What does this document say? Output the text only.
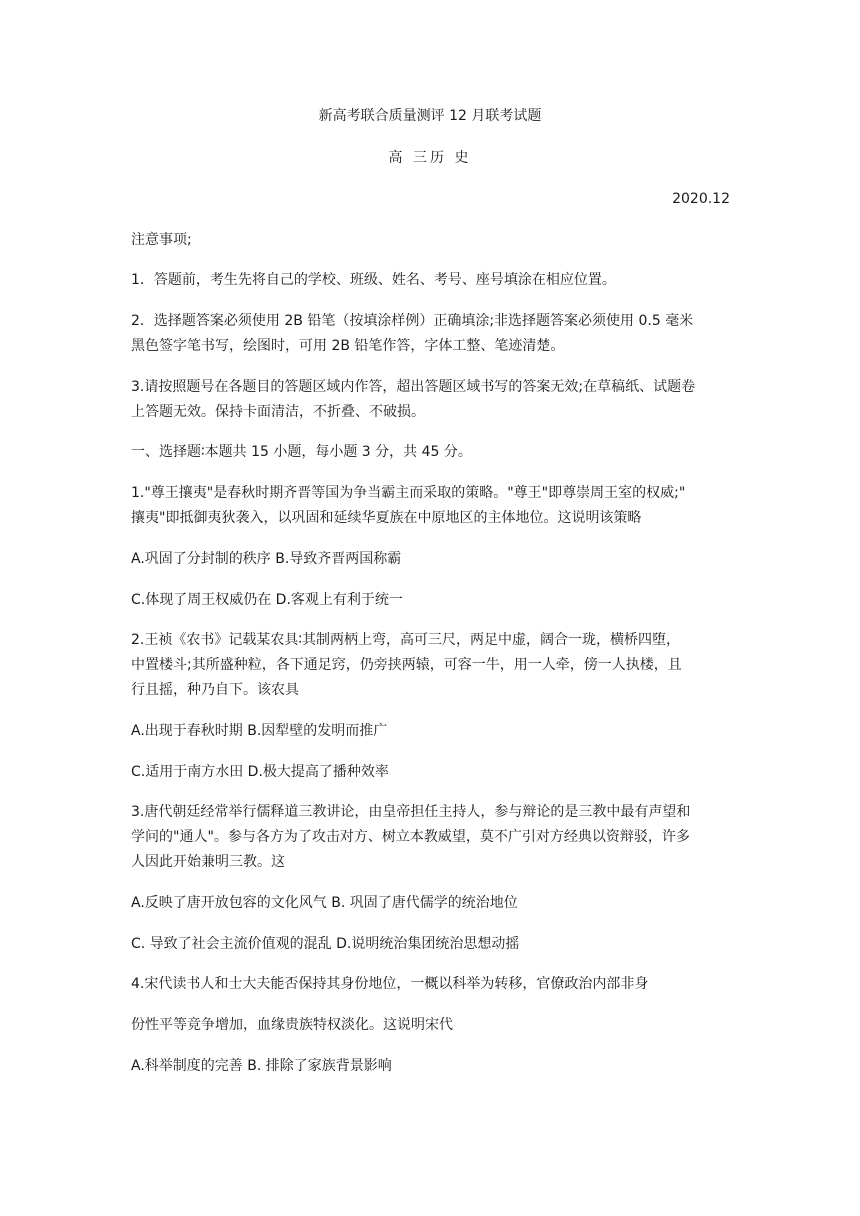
新高考联合质量测评 12 月联考试题
高 三历 史
2020.12
注意事项;
1．答题前，考生先将自己的学校、班级、姓名、考号、座号填涂在相应位置。
2．选择题答案必须使用 2B 铅笔（按填涂样例）正确填涂;非选择题答案必须使用 0.5 毫米
黑色签字笔书写，绘图时，可用 2B 铅笔作答，字体工整、笔迹清楚。
3.请按照题号在各题目的答题区域内作答，超出答题区域书写的答案无效;在草稿纸、试题卷
上答题无效。保持卡面清洁，不折叠、不破损。
一、选择题∶本题共 15 小题，每小题 3 分，共 45 分。
1."尊王攘夷"是春秋时期齐晋等国为争当霸主而采取的策略。"尊王"即尊崇周王室的权威;"
攘夷"即抵御夷狄袭入，以巩固和延续华夏族在中原地区的主体地位。这说明该策略
A.巩固了分封制的秩序 B.导致齐晋两国称霸
C.体现了周王权威仍在 D.客观上有利于统一
2.王祯《农书》记载某农具∶其制两柄上弯，高可三尺，两足中虚，阔合一珑，横桥四堕，
中置楼斗;其所盛种粒，各下通足窍，仍旁挟两辕，可容一牛，用一人牵，傍一人执楼，且
行且摇，种乃自下。该农具
A.出现于春秋时期 B.因犁壁的发明而推广
C.适用于南方水田 D.极大提高了播种效率
3.唐代朝廷经常举行儒释道三教讲论，由皇帝担任主持人，参与辩论的是三教中最有声望和
学问的"通人"。参与各方为了攻击对方、树立本教威望，莫不广引对方经典以资辩驳，许多
人因此开始兼明三教。这
A.反映了唐开放包容的文化风气 B. 巩固了唐代儒学的统治地位
C. 导致了社会主流价值观的混乱 D.说明统治集团统治思想动摇
4.宋代读书人和士大夫能否保持其身份地位，一概以科举为转移，官僚政治内部非身
份性平等竞争增加，血缘贵族特权淡化。这说明宋代
A.科举制度的完善 B. 排除了家族背景影响
